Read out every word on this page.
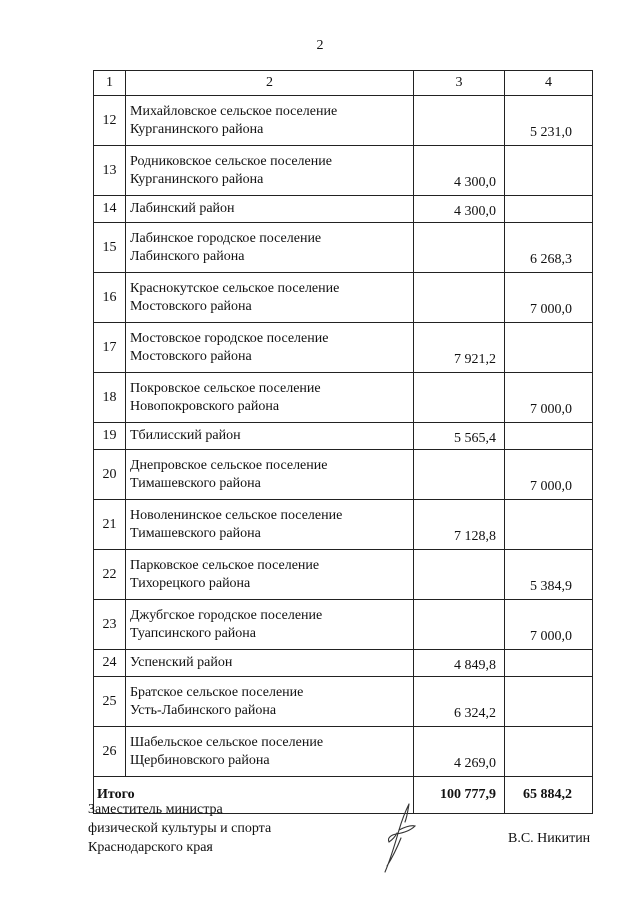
2
1	2	3	4
12	Михайловское сельское поселение
Курганинского района		5 231,0
13	Родниковское сельское поселение
Курганинского района	4 300,0	
14	Лабинский район	4 300,0	
15	Лабинское городское поселение
Лабинского района		6 268,3
16	Краснокутское сельское поселение
Мостовского района		7 000,0
17	Мостовское городское поселение
Мостовского района	7 921,2	
18	Покровское сельское поселение
Новопокровского района		7 000,0
19	Тбилисский район	5 565,4	
20	Днепровское сельское поселение
Тимашевского района		7 000,0
21	Новоленинское сельское поселение
Тимашевского района	7 128,8	
22	Парковское сельское поселение
Тихорецкого района		5 384,9
23	Джубгское городское поселение
Туапсинского района		7 000,0
24	Успенский район	4 849,8	
25	Братское сельское поселение
Усть-Лабинского района	6 324,2	
26	Шабельское сельское поселение
Щербиновского района	4 269,0	
Итого		100 777,9	65 884,2
Заместитель министра
физической культуры и спорта
Краснодарского края
В.С. Никитин
